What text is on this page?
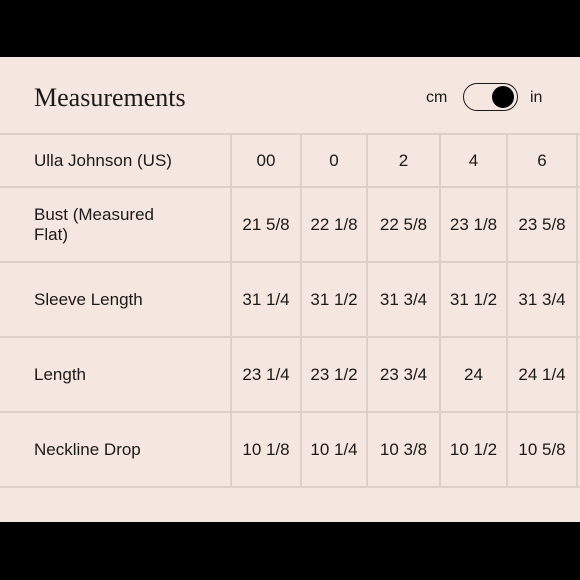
Measurements	cm	in
Ulla Johnson (US)	00	0	2	4	6	
Bust (Measured Flat)	21 5/8	22 1/8	22 5/8	23 1/8	23 5/8	
Sleeve Length	31 1/4	31 1/2	31 3/4	31 1/2	31 3/4	
Length	23 1/4	23 1/2	23 3/4	24	24 1/4	
Neckline Drop	10 1/8	10 1/4	10 3/8	10 1/2	10 5/8	
